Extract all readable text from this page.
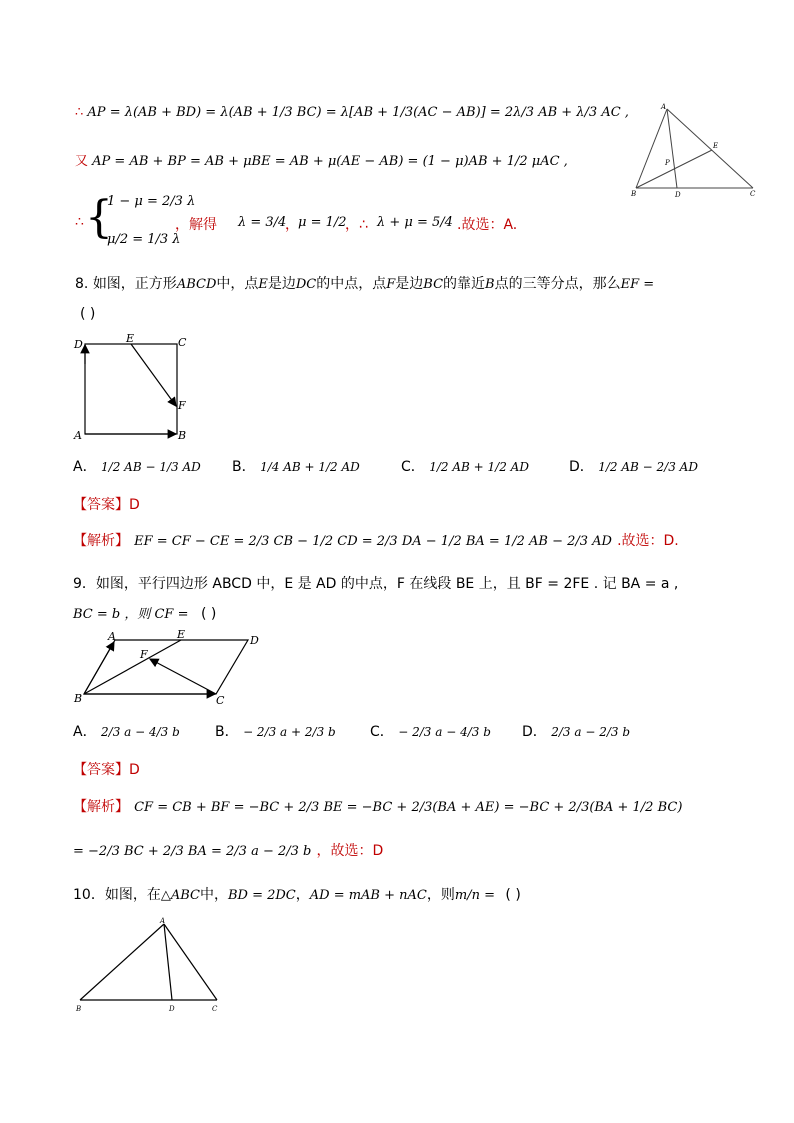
∴ AP = λ(AB + BD) = λ(AB + 1/3 BC) = λ[AB + 1/3(AC − AB)] = 2λ/3 AB + λ/3 AC ,
又 AP = AB + BP = AB + μBE = AB + μ(AE − AB) = (1 − μ)AB + 1/2 μAC ,
∴ {
1 − μ = 2/3 λ
μ/2 = 1/3 λ
，解得 λ = 3/4
， μ = 1/2
，∴ λ + μ = 5/4 .故选：A.
A
E
P
B	D	C
8. 如图，正方形ABCD中，点E是边DC的中点，点F是边BC的靠近B点的三等分点，那么EF =
( )
D	E	C
F
A	B
A． 1/2 AB − 1/3 AD B． 1/4 AB + 1/2 AD	C． 1/2 AB + 1/2 AD	D． 1/2 AB − 2/3 AD
【答案】D
【解析】 EF = CF − CE = 2/3 CB − 1/2 CD = 2/3 DA − 1/2 BA = 1/2 AB − 2/3 AD .故选：D.
9．如图，平行四边形 ABCD 中，E 是 AD 的中点，F 在线段 BE 上，且 BF = 2FE . 记 BA = a ,
BC = b ，则 CF = ( )
A	E	D
F
B	C
A． 2/3 a − 4/3 b	B． − 2/3 a + 2/3 b C． − 2/3 a − 4/3 b D． 2/3 a − 2/3 b
【答案】D
【解析】 CF = CB + BF = −BC + 2/3 BE = −BC + 2/3(BA + AE) = −BC + 2/3(BA + 1/2 BC)
= −2/3 BC + 2/3 BA = 2/3 a − 2/3 b ，故选：D
10．如图，在△ABC中，BD = 2DC，AD = mAB + nAC，则m/n = ( )
A
B	D	C
